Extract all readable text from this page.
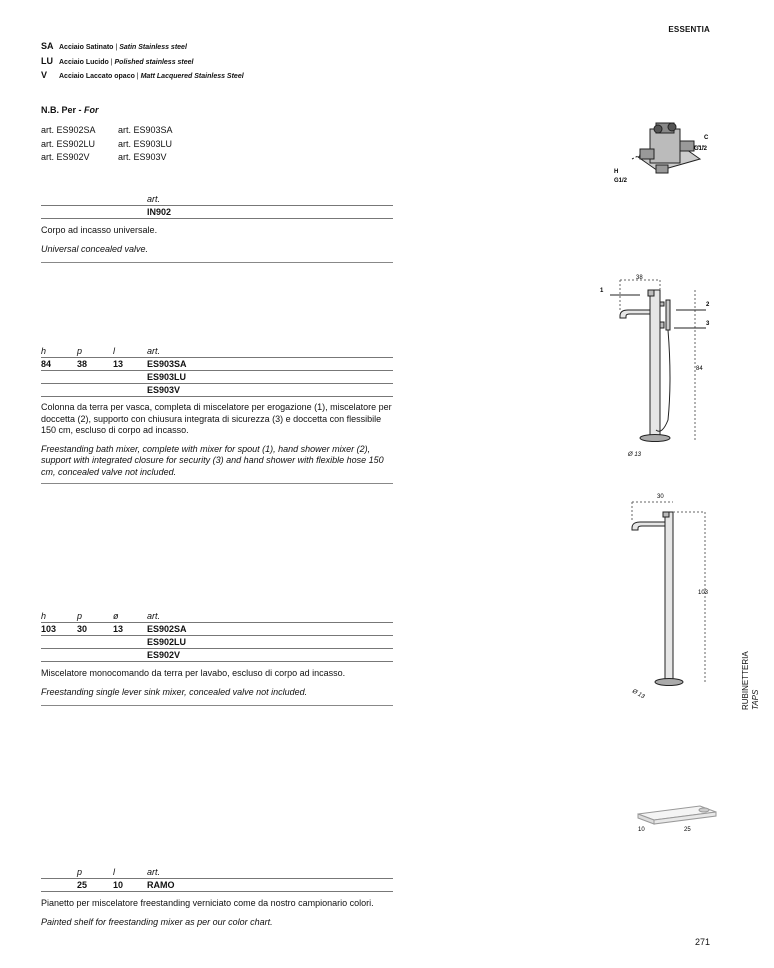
ESSENTIA
SA Acciaio Satinato | Satin Stainless steel
LU Acciaio Lucido | Polished stainless steel
V Acciaio Laccato opaco | Matt Lacquered Stainless Steel
N.B. Per - For
art. ES902SA art. ES903SA
art. ES902LU	art. ES903LU
art. ES902V	art. ES903V
art.
IN902

Corpo ad incasso universale.

Universal concealed valve.

h	p	l	art.
84	38	13	ES903SA
ES903LU
ES903V

Colonna da terra per vasca, completa di miscelatore per erogazione (1), miscelatore per doccetta (2), supporto con chiusura integrata di sicurezza (3) e doccetta con flessibile 150 cm, escluso di corpo ad incasso.

Freestanding bath mixer, complete with mixer for spout (1), hand shower mixer (2), support with integrated closure for security (3) and hand shower with flexible hose 150 cm, concealed valve not included.

h	p	ø	art.
103 30	13	ES902SA
ES902LU
ES902V

Miscelatore monocomando da terra per lavabo, escluso di corpo ad incasso.

Freestanding single lever sink mixer, concealed valve not included.

p	l	art.
25	10	RAMO

Pianetto per miscelatore freestanding verniciato come da nostro campionario colori.

Painted shelf for freestanding mixer as per our color chart.

C
G1/2
H
G1/2
38
84
Ø 13
1
2
3
30
103
Ø 13
10	25
RUBINETTERIA TAPS
271
